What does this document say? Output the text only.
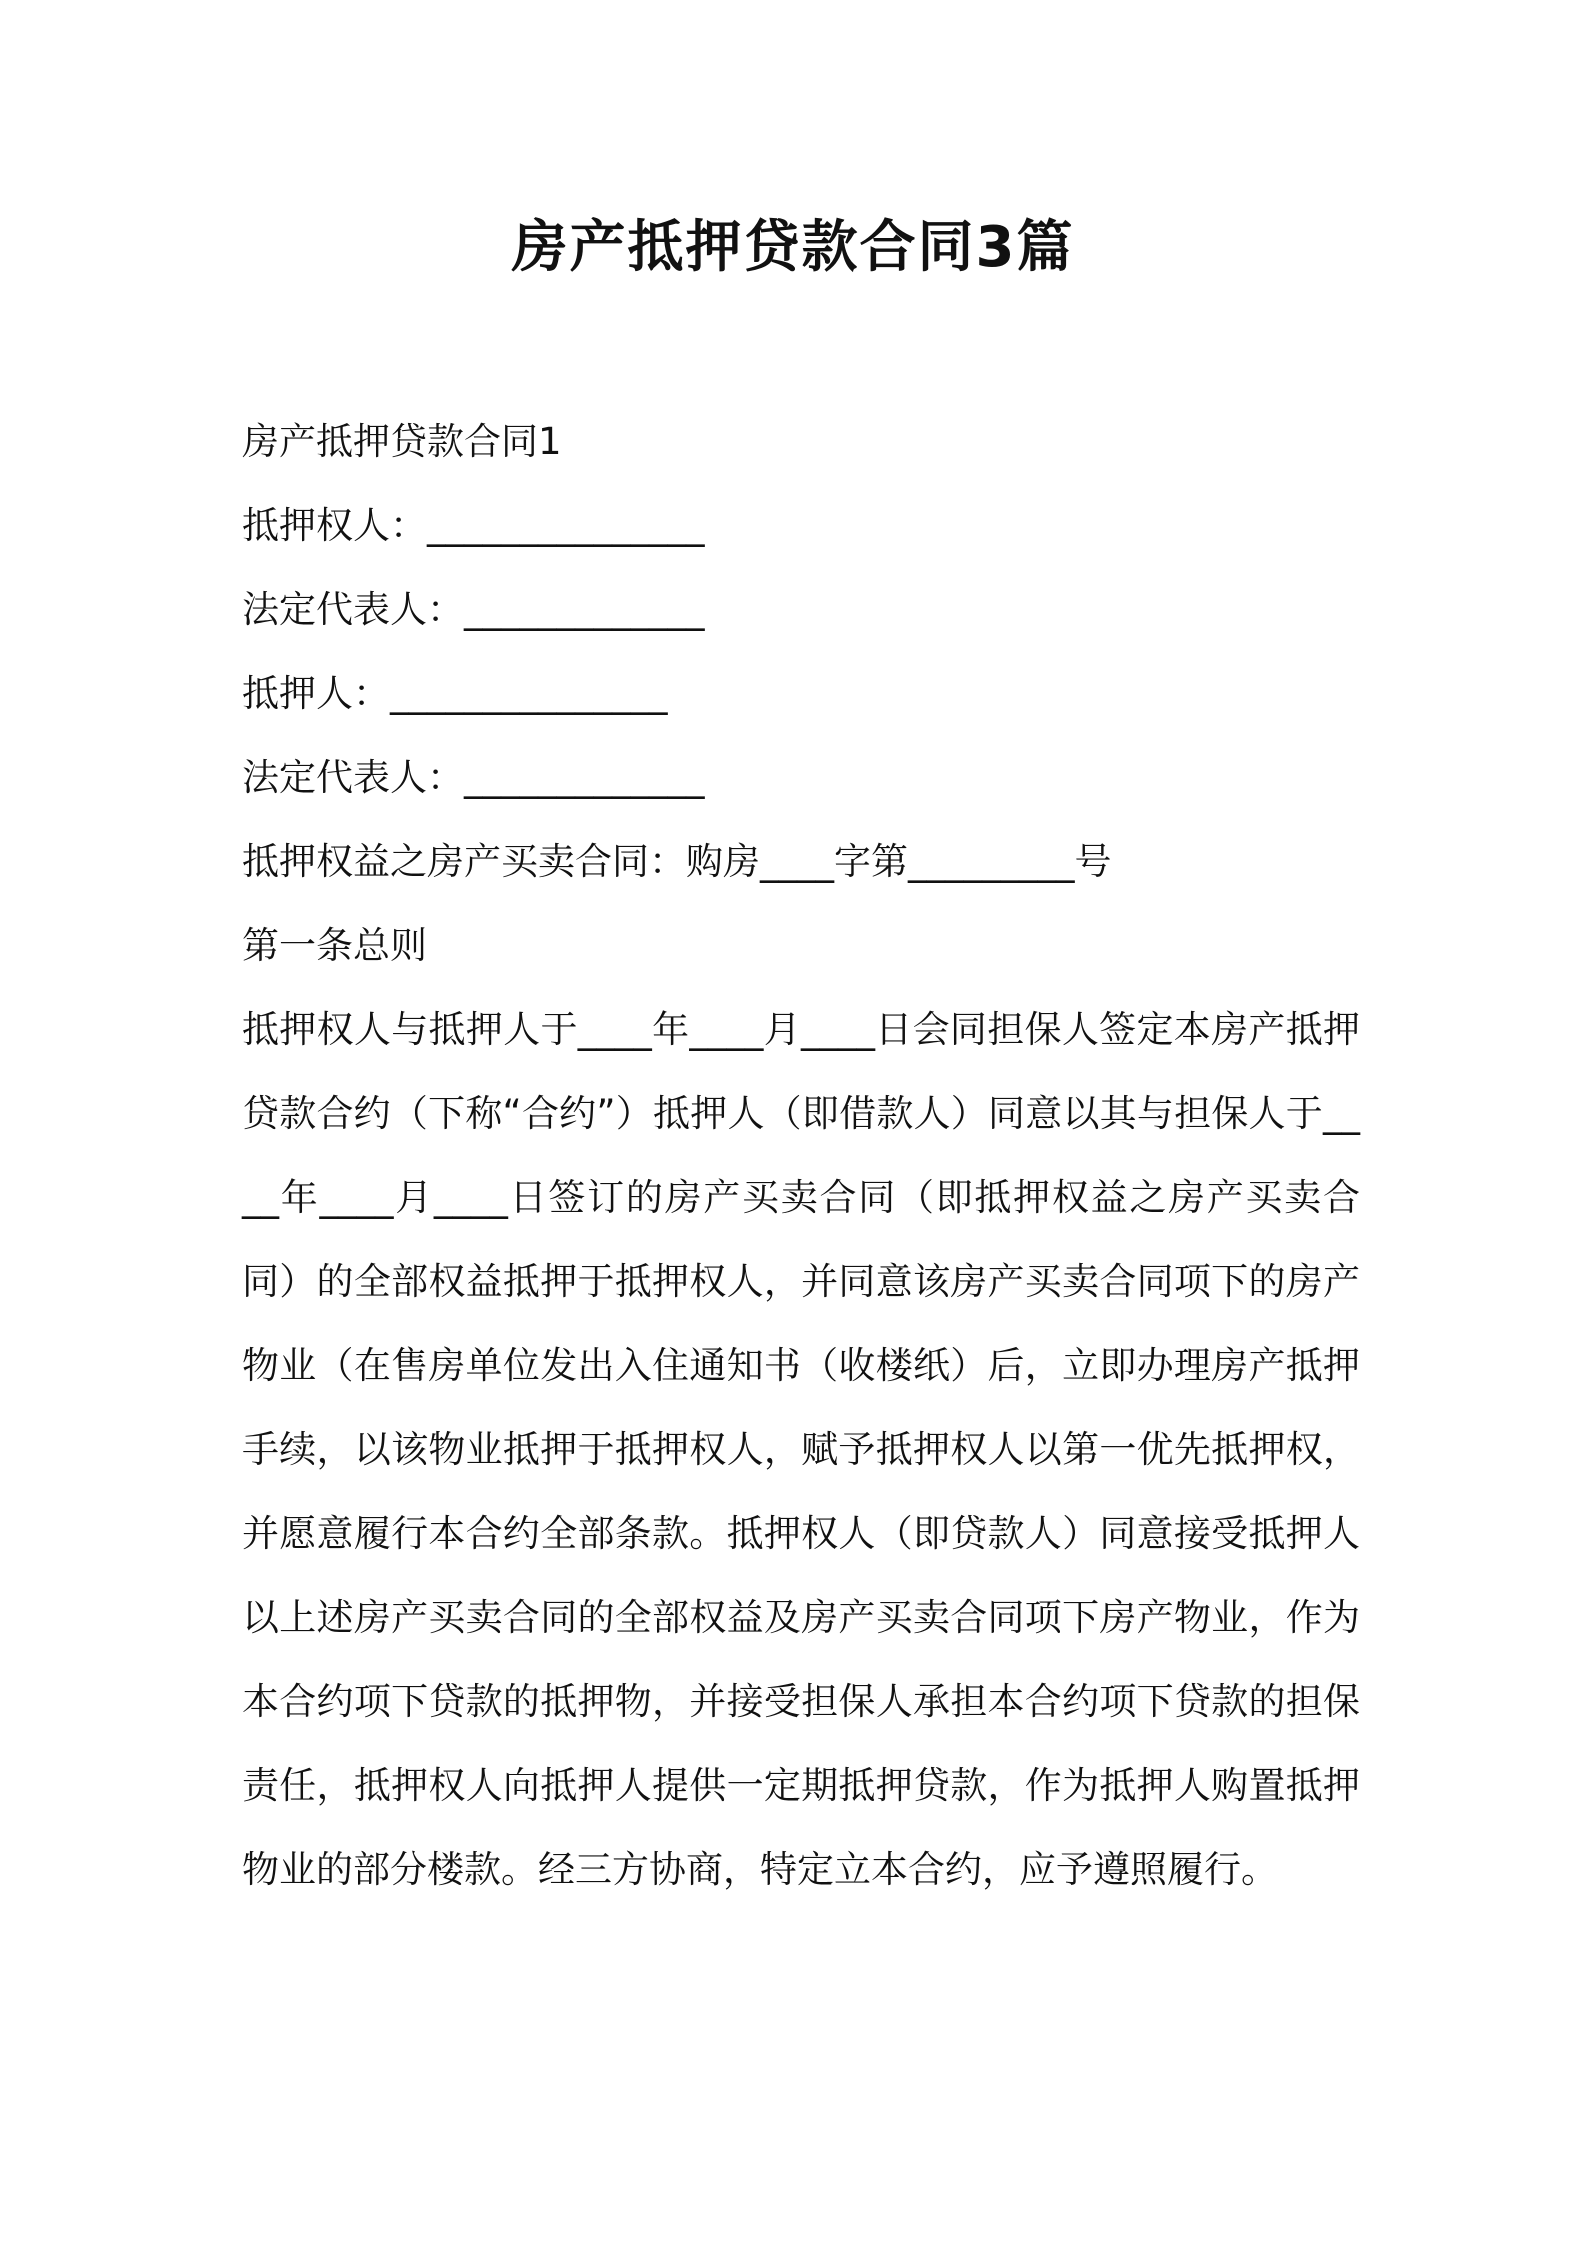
房产抵押贷款合同3篇

房产抵押贷款合同1

抵押权人：_______________

法定代表人：_____________

抵押人：_______________

法定代表人：_____________

抵押权益之房产买卖合同：购房____字第_________号

第一条总则

抵押权人与抵押人于____年____月____日会同担保人签定本房产抵押贷款合约（下称“合约”）抵押人（即借款人）同意以其与担保人于____年____月____日签订的房产买卖合同（即抵押权益之房产买卖合同）的全部权益抵押于抵押权人，并同意该房产买卖合同项下的房产物业（在售房单位发出入住通知书（收楼纸）后，立即办理房产抵押手续，以该物业抵押于抵押权人，赋予抵押权人以第一优先抵押权，并愿意履行本合约全部条款。抵押权人（即贷款人）同意接受抵押人以上述房产买卖合同的全部权益及房产买卖合同项下房产物业，作为本合约项下贷款的抵押物，并接受担保人承担本合约项下贷款的担保责任，抵押权人向抵押人提供一定期抵押贷款，作为抵押人购置抵押物业的部分楼款。经三方协商，特定立本合约，应予遵照履行。
